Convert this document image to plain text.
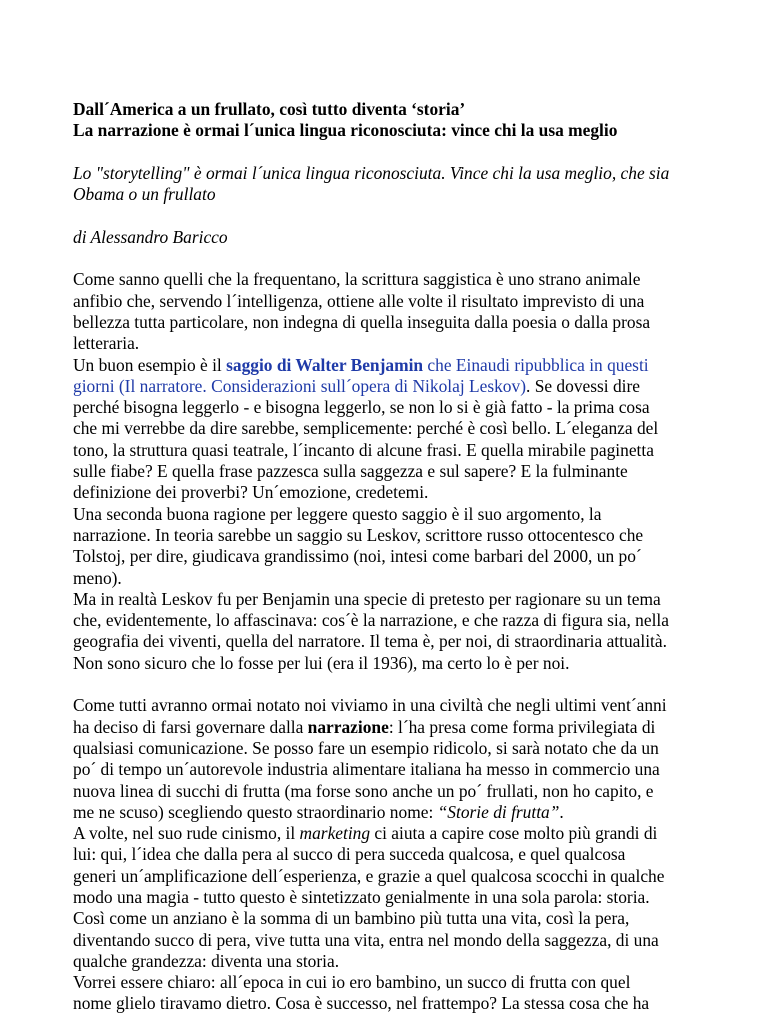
Dall´America a un frullato, così tutto diventa ‘storia’

La narrazione è ormai l´unica lingua riconosciuta: vince chi la usa meglio

Lo "storytelling" è ormai l´unica lingua riconosciuta. Vince chi la usa meglio, che sia

Obama o un frullato

di Alessandro Baricco

Come sanno quelli che la frequentano, la scrittura saggistica è uno strano animale

anfibio che, servendo l´intelligenza, ottiene alle volte il risultato imprevisto di una

bellezza tutta particolare, non indegna di quella inseguita dalla poesia o dalla prosa

letteraria.

Un buon esempio è il saggio di Walter Benjamin che Einaudi ripubblica in questi

giorni (Il narratore. Considerazioni sull´opera di Nikolaj Leskov). Se dovessi dire

perché bisogna leggerlo - e bisogna leggerlo, se non lo si è già fatto - la prima cosa

che mi verrebbe da dire sarebbe, semplicemente: perché è così bello. L´eleganza del

tono, la struttura quasi teatrale, l´incanto di alcune frasi. E quella mirabile paginetta

sulle fiabe? E quella frase pazzesca sulla saggezza e sul sapere? E la fulminante

definizione dei proverbi? Un´emozione, credetemi.

Una seconda buona ragione per leggere questo saggio è il suo argomento, la

narrazione. In teoria sarebbe un saggio su Leskov, scrittore russo ottocentesco che

Tolstoj, per dire, giudicava grandissimo (noi, intesi come barbari del 2000, un po´

meno).

Ma in realtà Leskov fu per Benjamin una specie di pretesto per ragionare su un tema

che, evidentemente, lo affascinava: cos´è la narrazione, e che razza di figura sia, nella

geografia dei viventi, quella del narratore. Il tema è, per noi, di straordinaria attualità.

Non sono sicuro che lo fosse per lui (era il 1936), ma certo lo è per noi.

Come tutti avranno ormai notato noi viviamo in una civiltà che negli ultimi vent´anni

ha deciso di farsi governare dalla narrazione: l´ha presa come forma privilegiata di

qualsiasi comunicazione. Se posso fare un esempio ridicolo, si sarà notato che da un

po´ di tempo un´autorevole industria alimentare italiana ha messo in commercio una

nuova linea di succhi di frutta (ma forse sono anche un po´ frullati, non ho capito, e

me ne scuso) scegliendo questo straordinario nome: “Storie di frutta”.

A volte, nel suo rude cinismo, il marketing ci aiuta a capire cose molto più grandi di

lui: qui, l´idea che dalla pera al succo di pera succeda qualcosa, e quel qualcosa

generi un´amplificazione dell´esperienza, e grazie a quel qualcosa scocchi in qualche

modo una magia - tutto questo è sintetizzato genialmente in una sola parola: storia.

Così come un anziano è la somma di un bambino più tutta una vita, così la pera,

diventando succo di pera, vive tutta una vita, entra nel mondo della saggezza, di una

qualche grandezza: diventa una storia.

Vorrei essere chiaro: all´epoca in cui io ero bambino, un succo di frutta con quel

nome glielo tiravamo dietro. Cosa è successo, nel frattempo? La stessa cosa che ha
